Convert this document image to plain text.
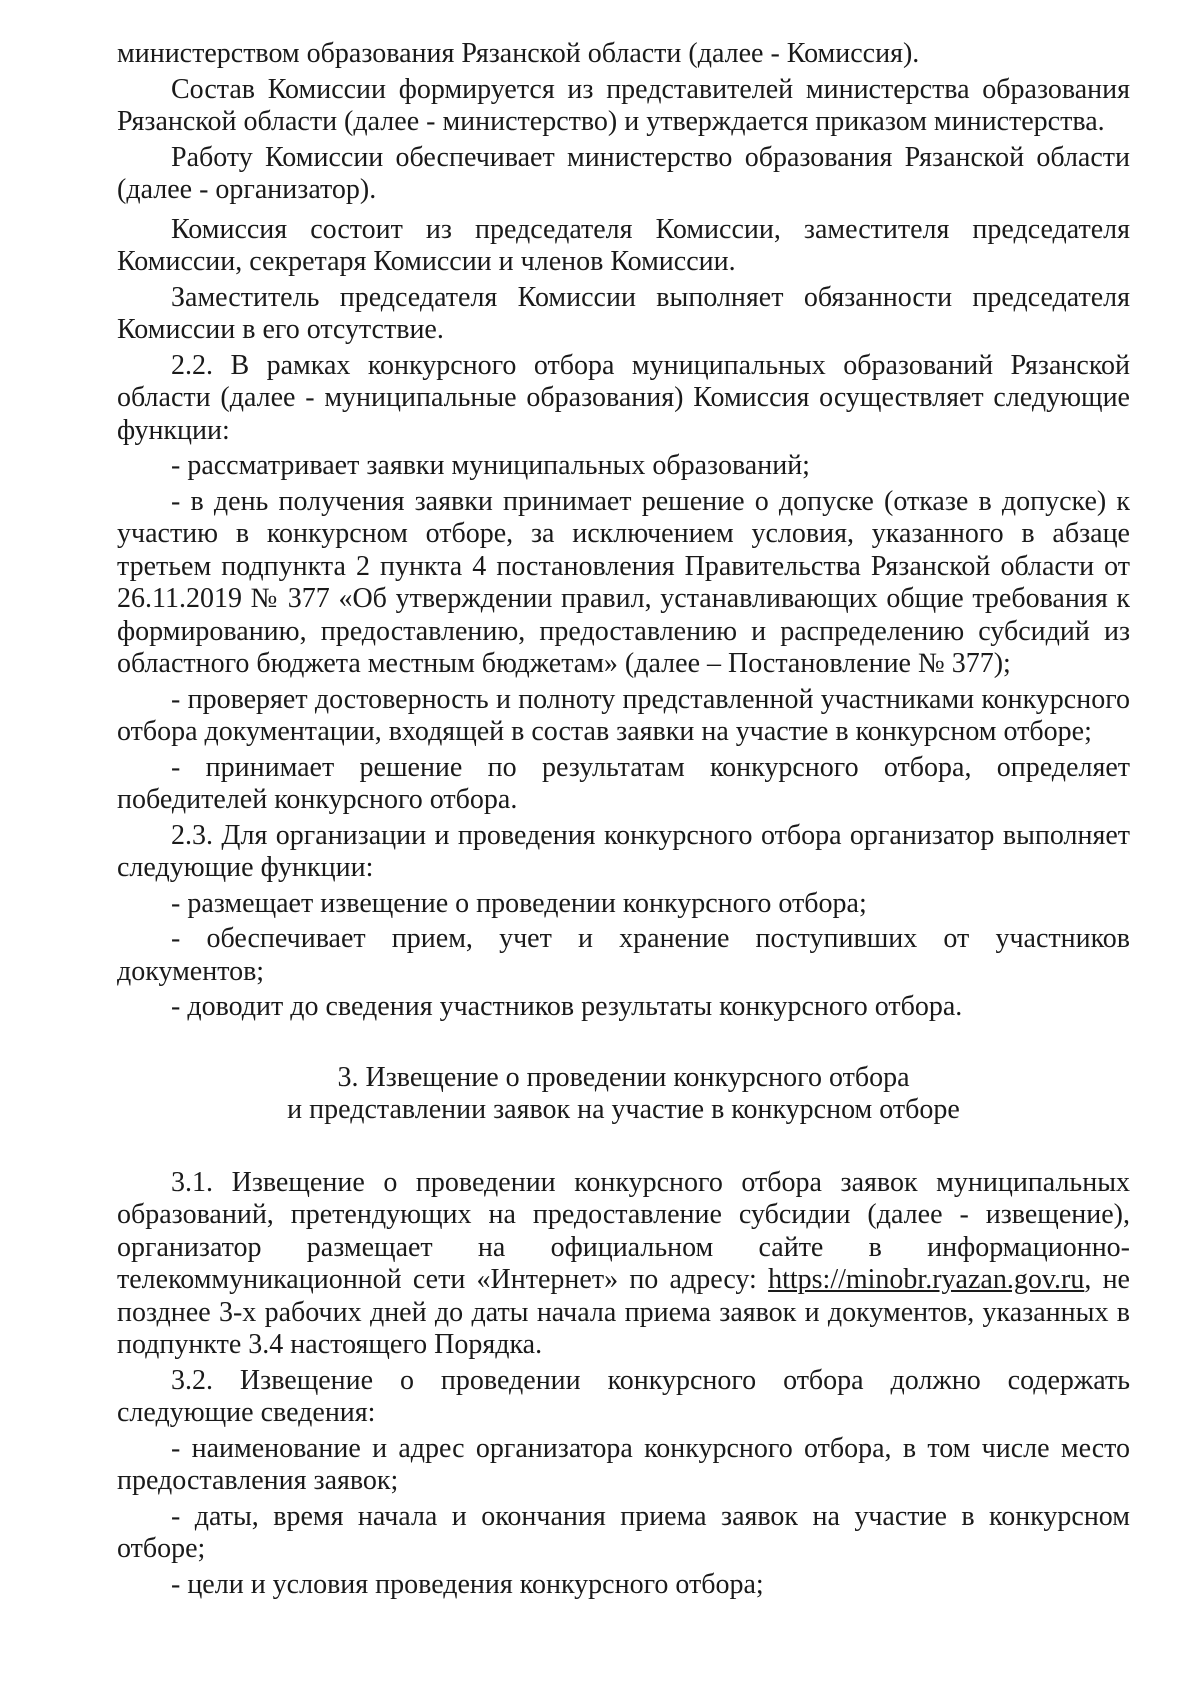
министерством образования Рязанской области (далее - Комиссия).

Состав Комиссии формируется из представителей министерства образования Рязанской области (далее - министерство) и утверждается приказом министерства.

Работу Комиссии обеспечивает министерство образования Рязанской области (далее - организатор).

Комиссия состоит из председателя Комиссии, заместителя председателя Комиссии, секретаря Комиссии и членов Комиссии.

Заместитель председателя Комиссии выполняет обязанности председателя Комиссии в его отсутствие.

2.2. В рамках конкурсного отбора муниципальных образований Рязанской области (далее - муниципальные образования) Комиссия осуществляет следующие функции:

- рассматривает заявки муниципальных образований;

- в день получения заявки принимает решение о допуске (отказе в допуске) к участию в конкурсном отборе, за исключением условия, указанного в абзаце третьем подпункта 2 пункта 4 постановления Правительства Рязанской области от 26.11.2019 № 377 «Об утверждении правил, устанавливающих общие требования к формированию, предоставлению, предоставлению и распределению субсидий из областного бюджета местным бюджетам» (далее – Постановление № 377);

- проверяет достоверность и полноту представленной участниками конкурсного отбора документации, входящей в состав заявки на участие в конкурсном отборе;

- принимает решение по результатам конкурсного отбора, определяет победителей конкурсного отбора.

2.3. Для организации и проведения конкурсного отбора организатор выполняет следующие функции:

- размещает извещение о проведении конкурсного отбора;

- обеспечивает прием, учет и хранение поступивших от участников документов;

- доводит до сведения участников результаты конкурсного отбора.

3. Извещение о проведении конкурсного отбора
и представлении заявок на участие в конкурсном отборе

3.1. Извещение о проведении конкурсного отбора заявок муниципальных образований, претендующих на предоставление субсидии (далее - извещение), организатор размещает на официальном сайте в информационно-телекоммуникационной сети «Интернет» по адресу: https://minobr.ryazan.gov.ru, не позднее 3-х рабочих дней до даты начала приема заявок и документов, указанных в подпункте 3.4 настоящего Порядка.

3.2. Извещение о проведении конкурсного отбора должно содержать следующие сведения:

- наименование и адрес организатора конкурсного отбора, в том числе место предоставления заявок;

- даты, время начала и окончания приема заявок на участие в конкурсном отборе;

- цели и условия проведения конкурсного отбора;
